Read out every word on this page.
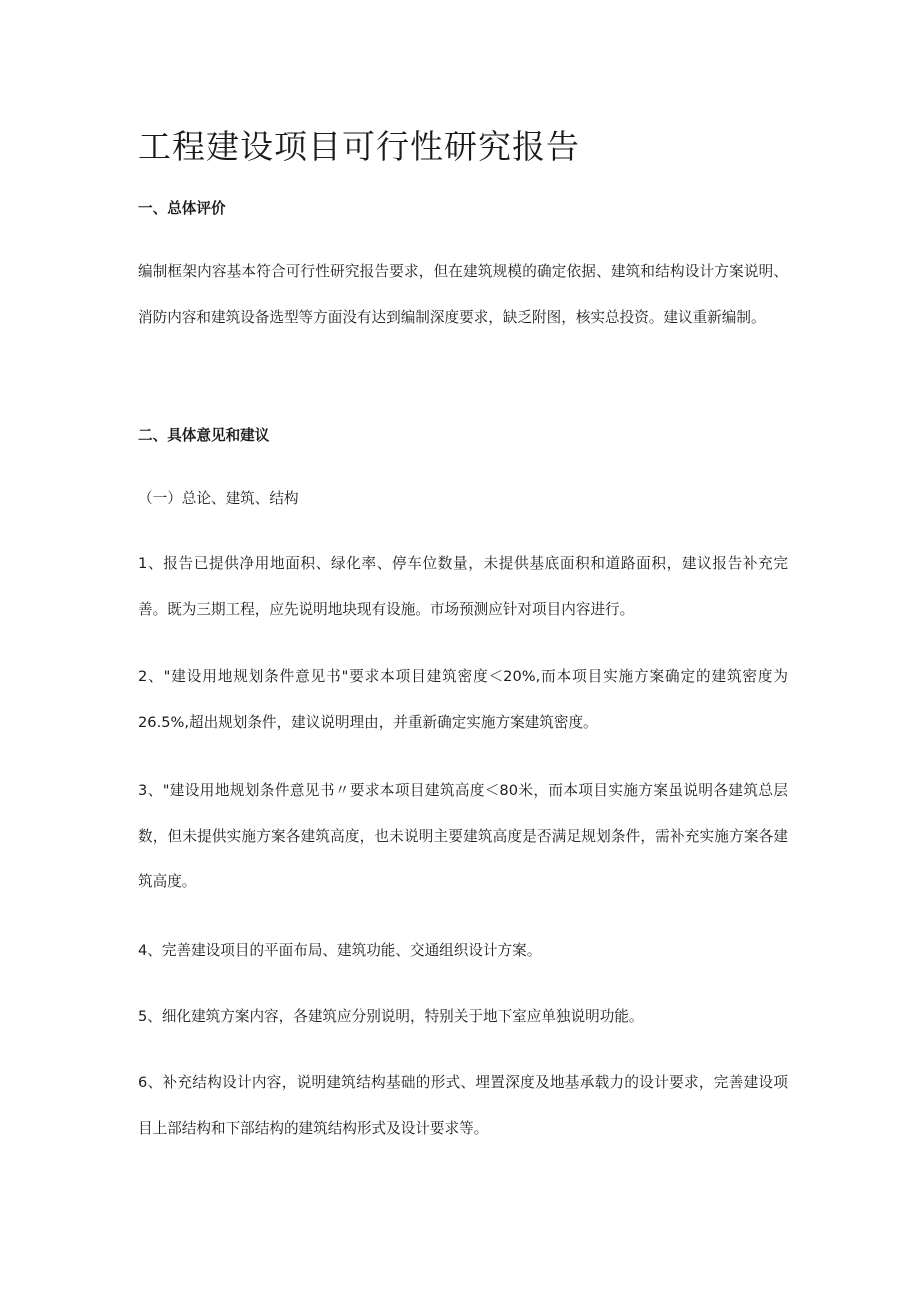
工程建设项目可行性研究报告

一、总体评价

编制框架内容基本符合可行性研究报告要求，但在建筑规模的确定依据、建筑和结构设计方案说明、消防内容和建筑设备选型等方面没有达到编制深度要求，缺乏附图，核实总投资。建议重新编制。

二、具体意见和建议

（一）总论、建筑、结构

1、报告已提供净用地面积、绿化率、停车位数量，未提供基底面积和道路面积，建议报告补充完善。既为三期工程，应先说明地块现有设施。市场预测应针对项目内容进行。

2、"建设用地规划条件意见书"要求本项目建筑密度＜20%,而本项目实施方案确定的建筑密度为26.5%,超出规划条件，建议说明理由，并重新确定实施方案建筑密度。

3、"建设用地规划条件意见书〃要求本项目建筑高度＜80米，而本项目实施方案虽说明各建筑总层数，但未提供实施方案各建筑高度，也未说明主要建筑高度是否满足规划条件，需补充实施方案各建筑高度。

4、完善建设项目的平面布局、建筑功能、交通组织设计方案。

5、细化建筑方案内容，各建筑应分别说明，特别关于地下室应单独说明功能。

6、补充结构设计内容，说明建筑结构基础的形式、埋置深度及地基承载力的设计要求，完善建设项目上部结构和下部结构的建筑结构形式及设计要求等。
